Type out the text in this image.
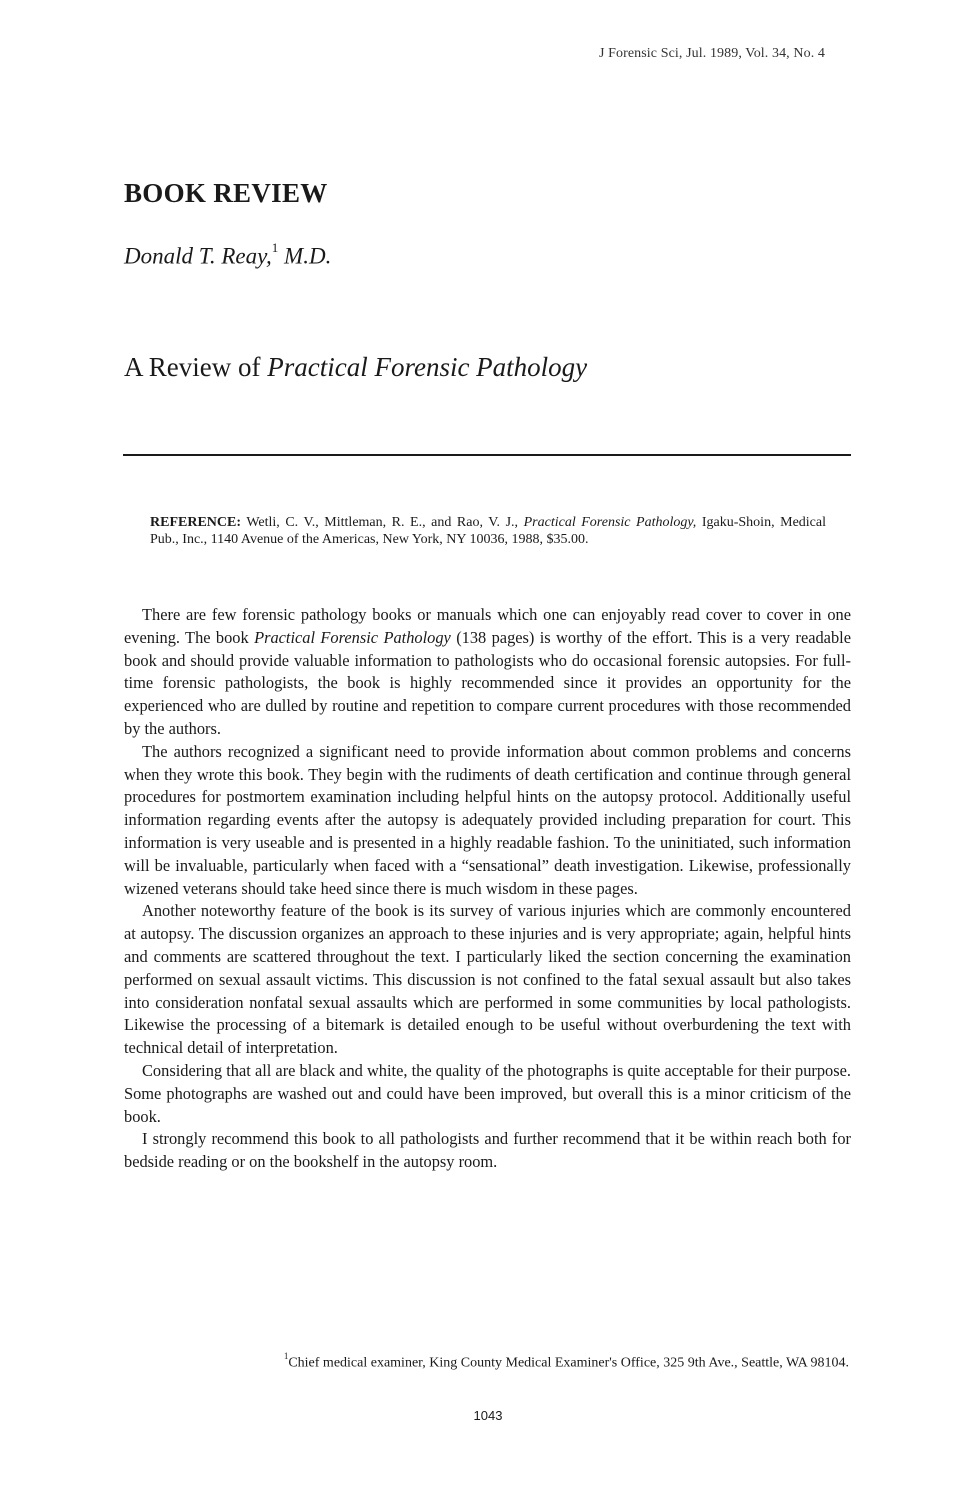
J Forensic Sci, Jul. 1989, Vol. 34, No. 4
BOOK REVIEW
Donald T. Reay,$^1$ M.D.
A Review of Practical Forensic Pathology
REFERENCE: Wetli, C. V., Mittleman, R. E., and Rao, V. J., Practical Forensic Pathology, Igaku-Shoin, Medical Pub., Inc., 1140 Avenue of the Americas, New York, NY 10036, 1988, $35.00.

There are few forensic pathology books or manuals which one can enjoyably read cover to cover in one evening. The book Practical Forensic Pathology (138 pages) is worthy of the effort. This is a very readable book and should provide valuable information to pathologists who do occasional forensic autopsies. For full-time forensic pathologists, the book is highly recommended since it provides an opportunity for the experienced who are dulled by routine and repetition to compare current procedures with those recommended by the authors.

The authors recognized a significant need to provide information about common problems and concerns when they wrote this book. They begin with the rudiments of death certification and continue through general procedures for postmortem examination including helpful hints on the autopsy protocol. Additionally useful information regarding events after the autopsy is adequately provided including preparation for court. This information is very useable and is presented in a highly readable fashion. To the uninitiated, such information will be invaluable, particularly when faced with a “sensational” death investigation. Likewise, professionally wizened veterans should take heed since there is much wisdom in these pages.

Another noteworthy feature of the book is its survey of various injuries which are commonly encountered at autopsy. The discussion organizes an approach to these injuries and is very appropriate; again, helpful hints and comments are scattered throughout the text. I particularly liked the section concerning the examination performed on sexual assault victims. This discussion is not confined to the fatal sexual assault but also takes into consideration nonfatal sexual assaults which are performed in some communities by local pathologists. Likewise the processing of a bitemark is detailed enough to be useful without overburdening the text with technical detail of interpretation.

Considering that all are black and white, the quality of the photographs is quite acceptable for their purpose. Some photographs are washed out and could have been improved, but overall this is a minor criticism of the book.

I strongly recommend this book to all pathologists and further recommend that it be within reach both for bedside reading or on the bookshelf in the autopsy room.

$^1$Chief medical examiner, King County Medical Examiner's Office, 325 9th Ave., Seattle, WA 98104.
1043
